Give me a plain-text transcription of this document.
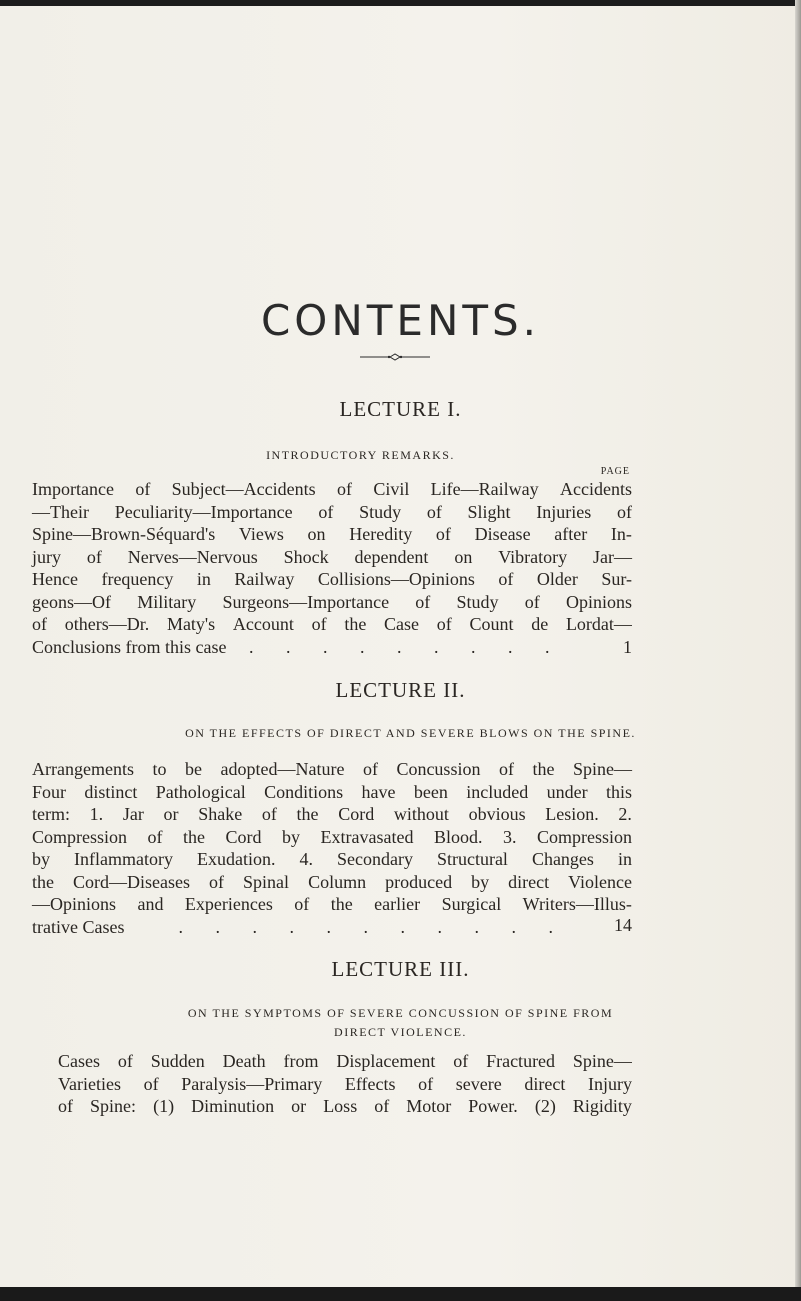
CONTENTS.
LECTURE I.
INTRODUCTORY REMARKS.
PAGE
Importance of Subject—Accidents of Civil Life—Railway Accidents
—Their Peculiarity—Importance of Study of Slight Injuries of
Spine—Brown-Séquard's Views on Heredity of Disease after In-
jury of Nerves—Nervous Shock dependent on Vibratory Jar—
Hence frequency in Railway Collisions—Opinions of Older Sur-
geons—Of Military Surgeons—Importance of Study of Opinions
of others—Dr. Maty's Account of the Case of Count de Lordat—
Conclusions from this case . . . . . . . . .	1
LECTURE II.
ON THE EFFECTS OF DIRECT AND SEVERE BLOWS ON THE SPINE.
Arrangements to be adopted—Nature of Concussion of the Spine—
Four distinct Pathological Conditions have been included under this
term: 1. Jar or Shake of the Cord without obvious Lesion. 2.
Compression of the Cord by Extravasated Blood. 3. Compression
by Inflammatory Exudation. 4. Secondary Structural Changes in
the Cord—Diseases of Spinal Column produced by direct Violence
—Opinions and Experiences of the earlier Surgical Writers—Illus-
trative Cases	. . . . . . . . . . .	14
LECTURE III.
ON THE SYMPTOMS OF SEVERE CONCUSSION OF SPINE FROM
DIRECT VIOLENCE.
Cases of Sudden Death from Displacement of Fractured Spine—
Varieties of Paralysis—Primary Effects of severe direct Injury
of Spine: (1) Diminution or Loss of Motor Power. (2) Rigidity
